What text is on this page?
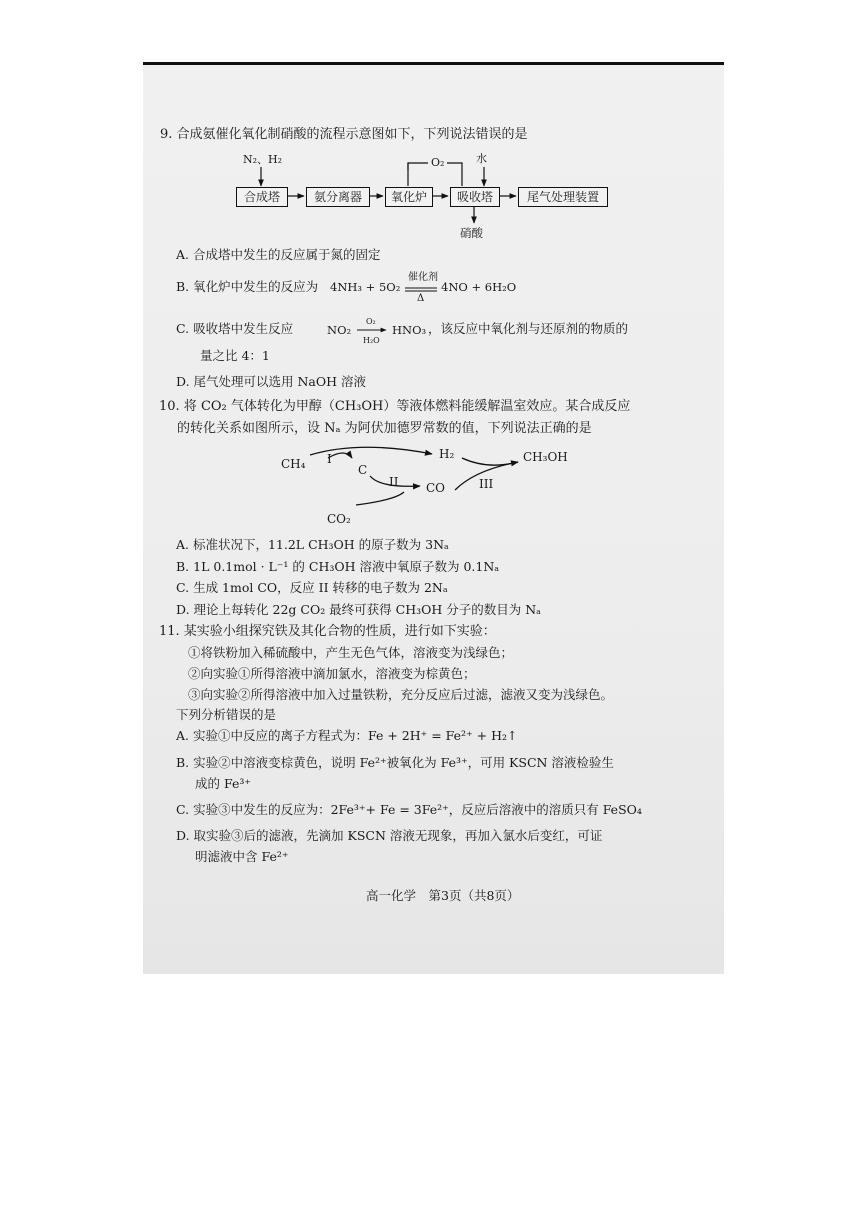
9. 合成氨催化氧化制硝酸的流程示意图如下，下列说法错误的是
N₂、H₂	O₂	水
合成塔	氨分离器	氧化炉	吸收塔	尾气处理装置
硝酸
A. 合成塔中发生的反应属于氮的固定
B. 氧化炉中发生的反应为 4NH₃ + 5O₂
催化剂
Δ
4NO + 6H₂O
C. 吸收塔中发生反应	NO₂
O₂
H₂O
HNO₃ ，该反应中氧化剂与还原剂的物质的
量之比 4：1
D. 尾气处理可以选用 NaOH 溶液
10. 将 CO₂ 气体转化为甲醇（CH₃OH）等液体燃料能缓解温室效应。某合成反应
的转化关系如图所示，设 Nₐ 为阿伏加德罗常数的值，下列说法正确的是
CH₄ I
C
H₂	CH₃OH
II CO	III
CO₂
A. 标准状况下，11.2L CH₃OH 的原子数为 3Nₐ
B. 1L 0.1mol · L⁻¹ 的 CH₃OH 溶液中氧原子数为 0.1Nₐ
C. 生成 1mol CO，反应 II 转移的电子数为 2Nₐ
D. 理论上每转化 22g CO₂ 最终可获得 CH₃OH 分子的数目为 Nₐ
11. 某实验小组探究铁及其化合物的性质，进行如下实验：
①将铁粉加入稀硫酸中，产生无色气体，溶液变为浅绿色；
②向实验①所得溶液中滴加氯水，溶液变为棕黄色；
③向实验②所得溶液中加入过量铁粉，充分反应后过滤，滤液又变为浅绿色。
下列分析错误的是
A. 实验①中反应的离子方程式为：Fe + 2H⁺ = Fe²⁺ + H₂↑
B. 实验②中溶液变棕黄色，说明 Fe²⁺被氧化为 Fe³⁺，可用 KSCN 溶液检验生
成的 Fe³⁺
C. 实验③中发生的反应为：2Fe³⁺+ Fe = 3Fe²⁺，反应后溶液中的溶质只有 FeSO₄
D. 取实验③后的滤液，先滴加 KSCN 溶液无现象，再加入氯水后变红，可证
明滤液中含 Fe²⁺
高一化学　第3页（共8页）
